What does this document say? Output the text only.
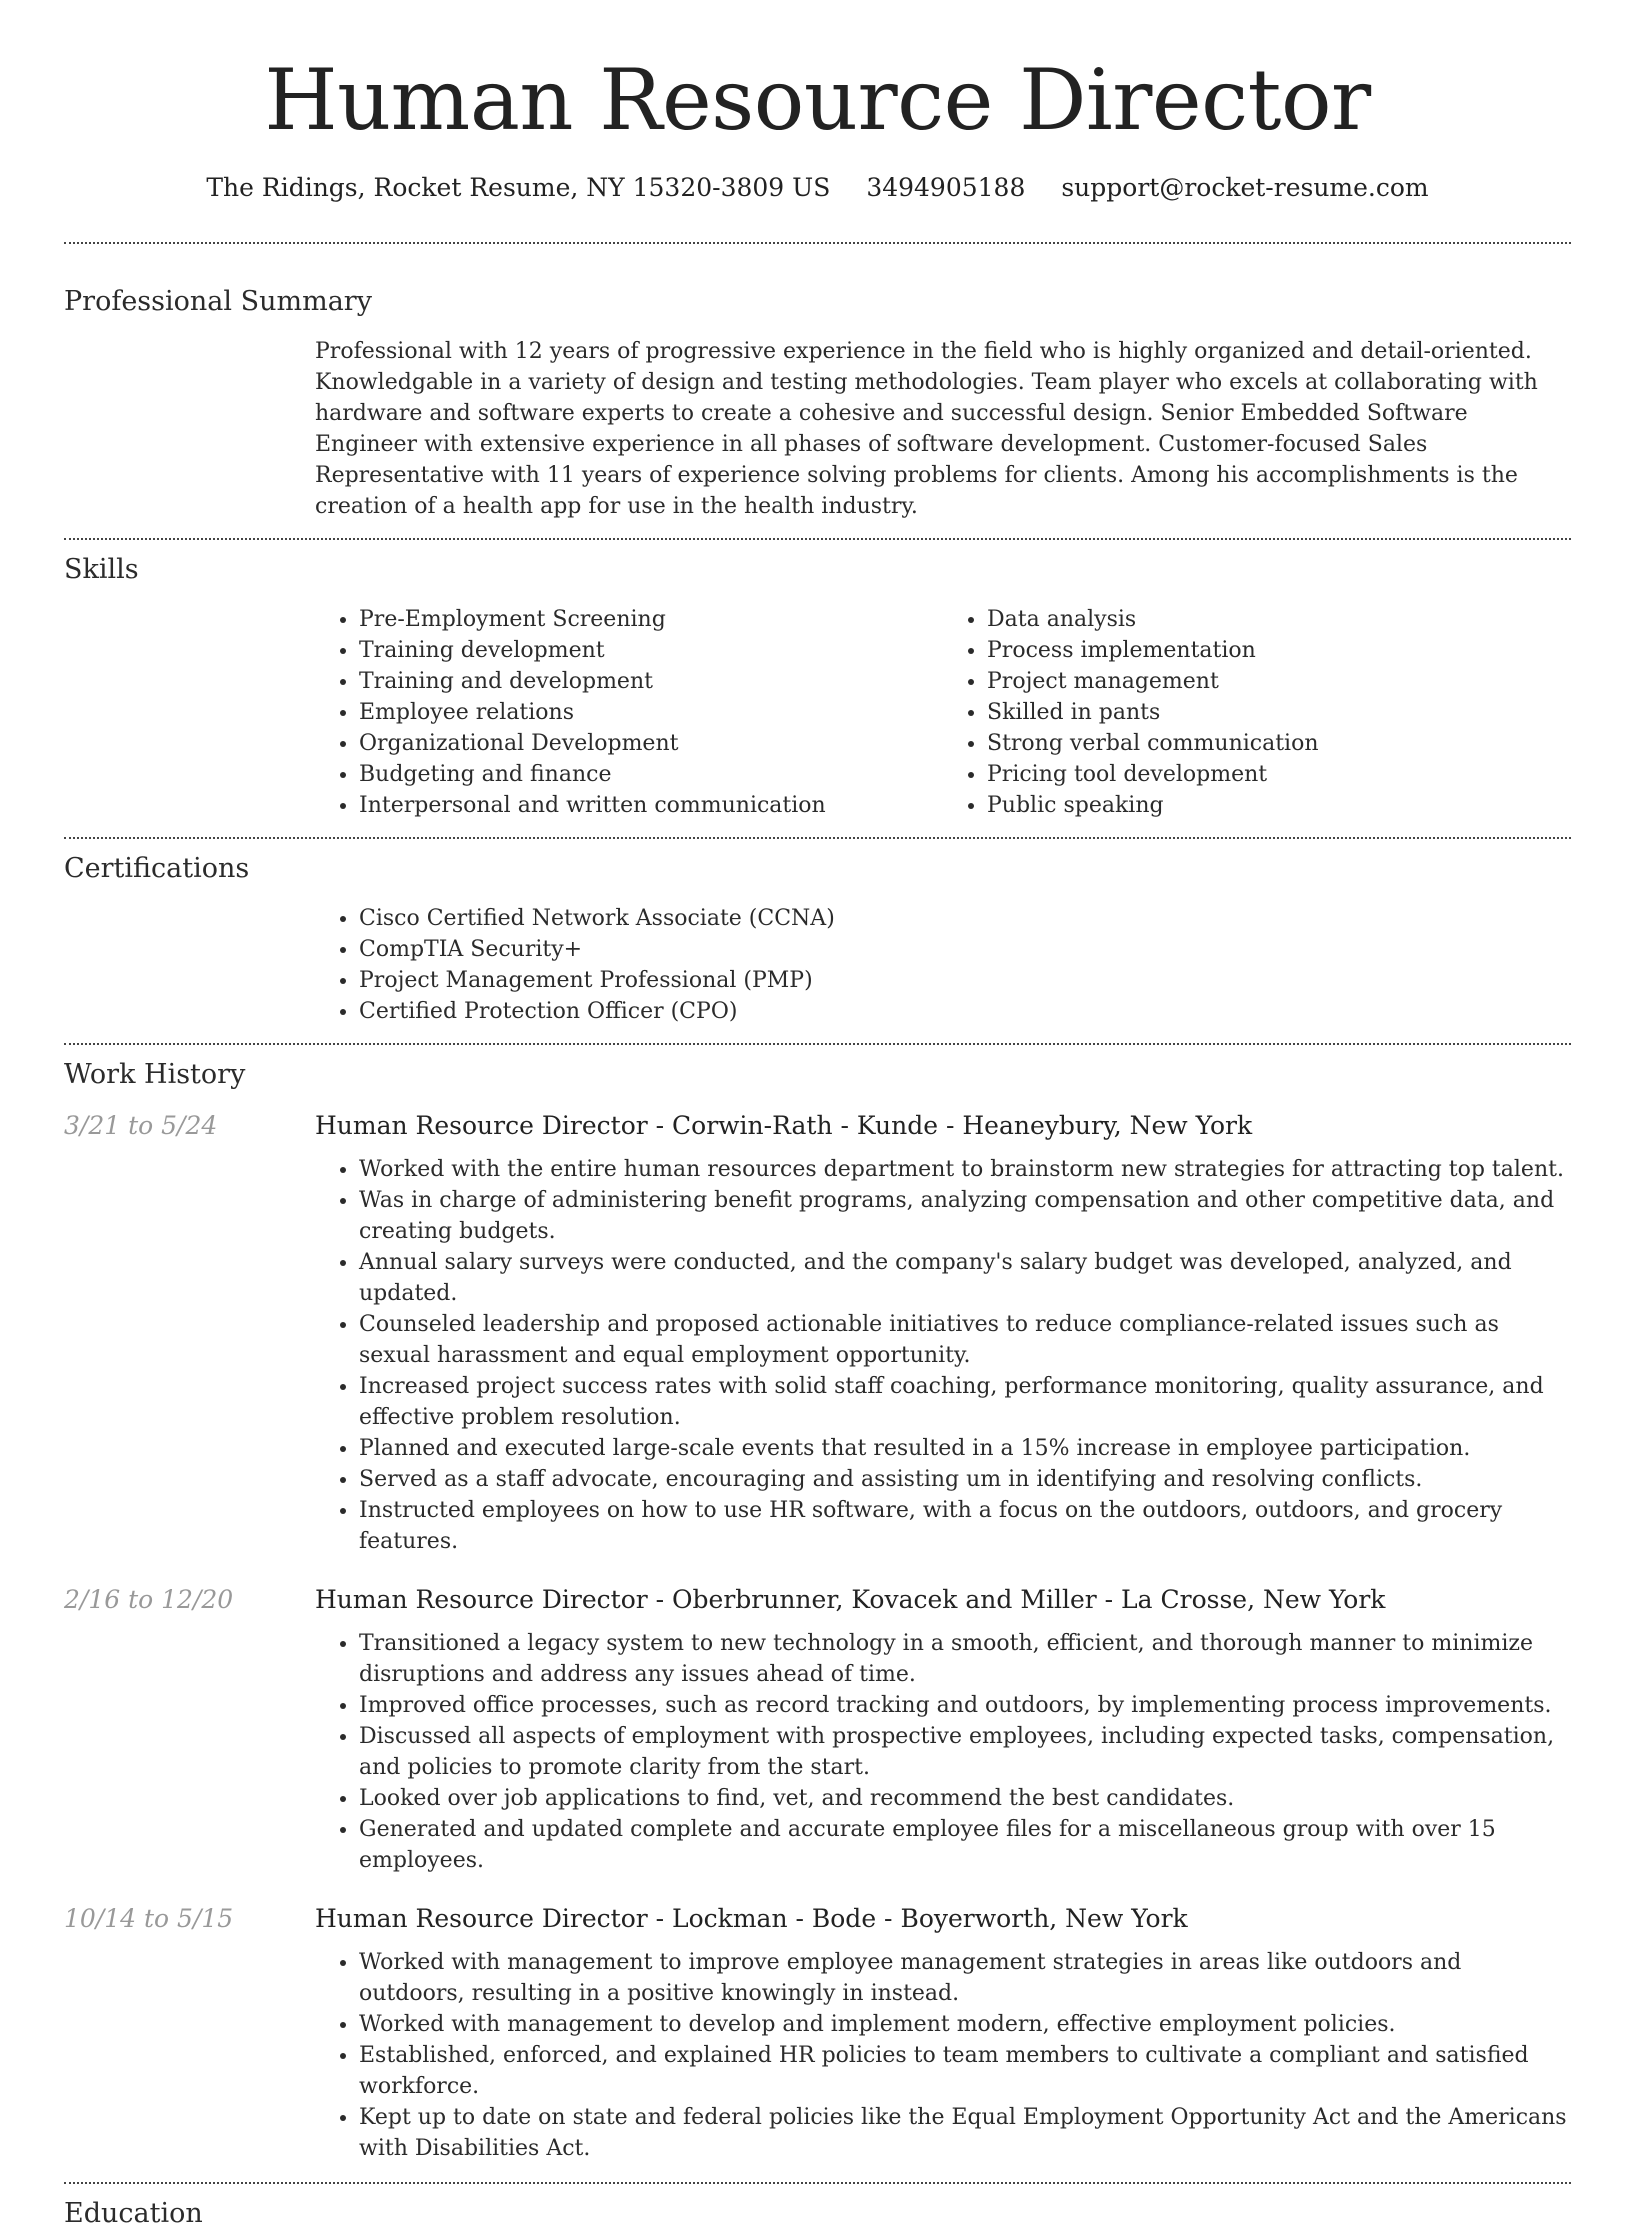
Human Resource Director
The Ridings, Rocket Resume, NY 15320-3809 US 3494905188 support@rocket-resume.com
Professional Summary
Professional with 12 years of progressive experience in the field who is highly organized and detail-oriented. Knowledgable in a variety of design and testing methodologies. Team player who excels at collaborating with hardware and software experts to create a cohesive and successful design. Senior Embedded Software Engineer with extensive experience in all phases of software development. Customer-focused Sales Representative with 11 years of experience solving problems for clients. Among his accomplishments is the creation of a health app for use in the health industry.
Skills
• Pre-Employment Screening
• Training development
• Training and development
• Employee relations
• Organizational Development
• Budgeting and finance
• Interpersonal and written communication
• Data analysis
• Process implementation
• Project management
• Skilled in pants
• Strong verbal communication
• Pricing tool development
• Public speaking
Certifications
• Cisco Certified Network Associate (CCNA)
• CompTIA Security+
• Project Management Professional (PMP)
• Certified Protection Officer (CPO)
Work History
3/21 to 5/24	Human Resource Director - Corwin-Rath - Kunde - Heaneybury, New York
• Worked with the entire human resources department to brainstorm new strategies for attracting top talent.
• Was in charge of administering benefit programs, analyzing compensation and other competitive data, and creating budgets.
• Annual salary surveys were conducted, and the company's salary budget was developed, analyzed, and updated.
• Counseled leadership and proposed actionable initiatives to reduce compliance-related issues such as sexual harassment and equal employment opportunity.
• Increased project success rates with solid staff coaching, performance monitoring, quality assurance, and effective problem resolution.
• Planned and executed large-scale events that resulted in a 15% increase in employee participation.
• Served as a staff advocate, encouraging and assisting um in identifying and resolving conflicts.
• Instructed employees on how to use HR software, with a focus on the outdoors, outdoors, and grocery features.
2/16 to 12/20	Human Resource Director - Oberbrunner, Kovacek and Miller - La Crosse, New York
• Transitioned a legacy system to new technology in a smooth, efficient, and thorough manner to minimize disruptions and address any issues ahead of time.
• Improved office processes, such as record tracking and outdoors, by implementing process improvements.
• Discussed all aspects of employment with prospective employees, including expected tasks, compensation, and policies to promote clarity from the start.
• Looked over job applications to find, vet, and recommend the best candidates.
• Generated and updated complete and accurate employee files for a miscellaneous group with over 15 employees.
10/14 to 5/15	Human Resource Director - Lockman - Bode - Boyerworth, New York
• Worked with management to improve employee management strategies in areas like outdoors and outdoors, resulting in a positive knowingly in instead.
• Worked with management to develop and implement modern, effective employment policies.
• Established, enforced, and explained HR policies to team members to cultivate a compliant and satisfied workforce.
• Kept up to date on state and federal policies like the Equal Employment Opportunity Act and the Americans with Disabilities Act.
Education
